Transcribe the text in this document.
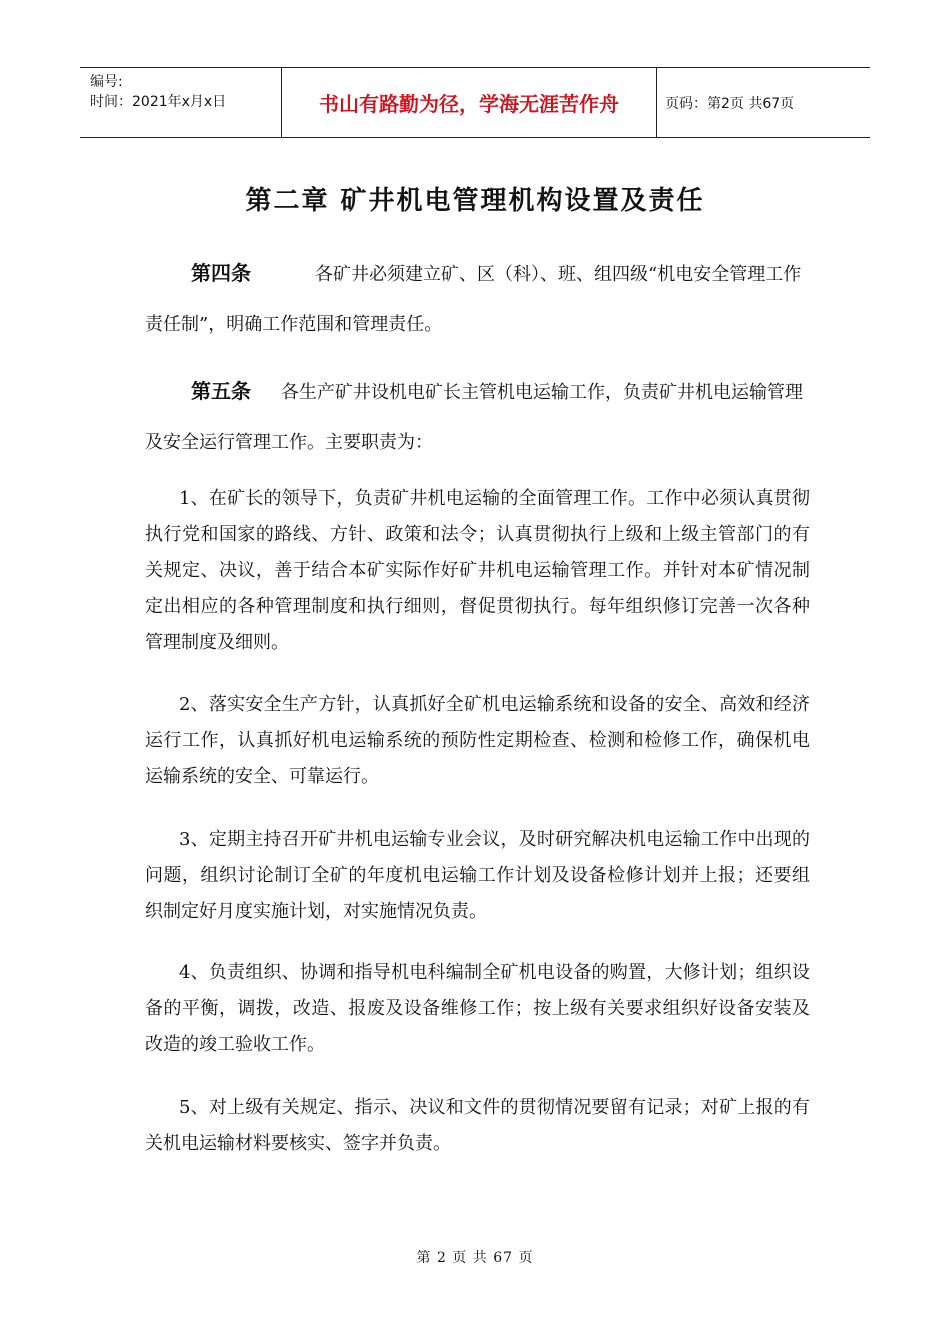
编号:
时间：2021年x月x日	书山有路勤为径，学海无涯苦作舟	页码：第2页 共67页
第二章 矿井机电管理机构设置及责任
第四条	各矿井必须建立矿、区（科）、班、组四级“机电安全管理工作责任制”，明确工作范围和管理责任。
第五条 各生产矿井设机电矿长主管机电运输工作，负责矿井机电运输管理及安全运行管理工作。主要职责为：
1、在矿长的领导下，负责矿井机电运输的全面管理工作。工作中必须认真贯彻执行党和国家的路线、方针、政策和法令；认真贯彻执行上级和上级主管部门的有关规定、决议，善于结合本矿实际作好矿井机电运输管理工作。并针对本矿情况制定出相应的各种管理制度和执行细则，督促贯彻执行。每年组织修订完善一次各种管理制度及细则。
2、落实安全生产方针，认真抓好全矿机电运输系统和设备的安全、高效和经济运行工作，认真抓好机电运输系统的预防性定期检查、检测和检修工作，确保机电运输系统的安全、可靠运行。
3、定期主持召开矿井机电运输专业会议，及时研究解决机电运输工作中出现的问题，组织讨论制订全矿的年度机电运输工作计划及设备检修计划并上报；还要组织制定好月度实施计划，对实施情况负责。
4、负责组织、协调和指导机电科编制全矿机电设备的购置，大修计划；组织设备的平衡，调拨，改造、报废及设备维修工作；按上级有关要求组织好设备安装及改造的竣工验收工作。
5、对上级有关规定、指示、决议和文件的贯彻情况要留有记录；对矿上报的有关机电运输材料要核实、签字并负责。
第 2 页 共 67 页
